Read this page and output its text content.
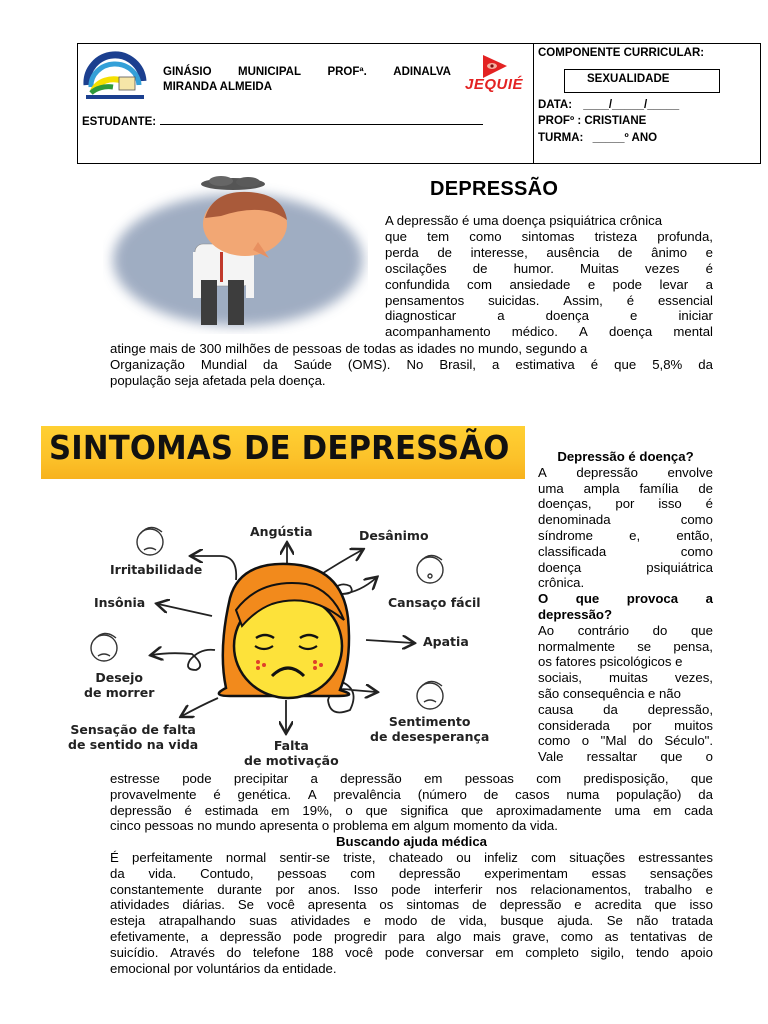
GINÁSIO MUNICIPAL PROFª. ADINALVA
MIRANDA ALMEIDA	JEQUIÉ
ESTUDANTE:
COMPONENTE CURRICULAR:
SEXUALIDADE
DATA: ____/_____/_____
PROFº : CRISTIANE
TURMA: _____º ANO
DEPRESSÃO
A depressão é uma doença psiquiátrica crônica
que tem como sintomas tristeza profunda,
perda de interesse, ausência de ânimo e
oscilações de humor. Muitas vezes é
confundida com ansiedade e pode levar a
pensamentos suicidas. Assim, é essencial
diagnosticar	a	doença	e	iniciar
acompanhamento médico. A doença mental
atinge mais de 300 milhões de pessoas de todas as idades no mundo, segundo a
Organização Mundial da Saúde (OMS). No Brasil, a estimativa é que 5,8% da
população seja afetada pela doença.
SINTOMAS DE DEPRESSÃO
Angústia	Desânimo
Irritabilidade
Cansaço fácil
Insônia
Apatia
Desejo
de morrer
Sentimento
de desesperança
Sensação de falta
de sentido na vida	Falta
de motivação
Depressão é doença?
A depressão envolve
uma ampla família de
doenças, por isso é
denominada	como
síndrome	e,	então,
classificada	como
doença	psiquiátrica
crônica.
O que provoca a
depressão?
Ao contrário do que
normalmente se pensa,
os fatores psicológicos e
sociais, muitas vezes,
são consequência e não
causa da depressão,
considerada por muitos
como o "Mal do Século".
Vale ressaltar que o
estresse pode precipitar a depressão em pessoas com predisposição, que
provavelmente é genética. A prevalência (número de casos numa população) da
depressão é estimada em 19%, o que significa que aproximadamente uma em cada
cinco pessoas no mundo apresenta o problema em algum momento da vida.
Buscando ajuda médica
É perfeitamente normal sentir-se triste, chateado ou infeliz com situações estressantes
da vida. Contudo, pessoas com depressão experimentam essas sensações
constantemente durante por anos. Isso pode interferir nos relacionamentos, trabalho e
atividades diárias. Se você apresenta os sintomas de depressão e acredita que isso
esteja atrapalhando suas atividades e modo de vida, busque ajuda. Se não tratada
efetivamente, a depressão pode progredir para algo mais grave, como as tentativas de
suicídio. Através do telefone 188 você pode conversar em completo sigilo, tendo apoio
emocional por voluntários da entidade.
